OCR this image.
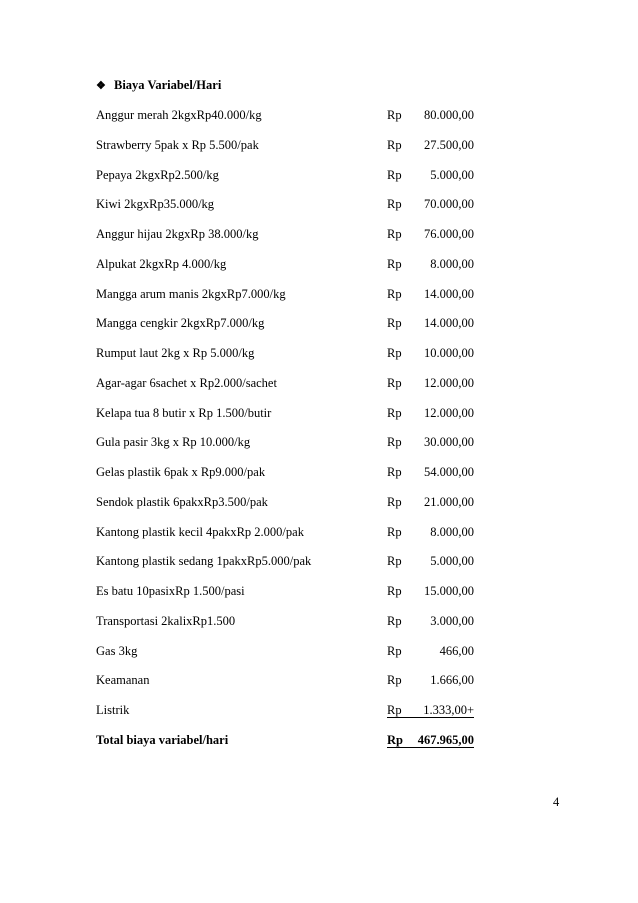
❖ Biaya Variabel/Hari
Anggur merah 2kgxRp40.000/kg	Rp 80.000,00
Strawberry 5pak x Rp 5.500/pak	Rp 27.500,00
Pepaya 2kgxRp2.500/kg	Rp 5.000,00
Kiwi 2kgxRp35.000/kg	Rp 70.000,00
Anggur hijau 2kgxRp 38.000/kg	Rp 76.000,00
Alpukat 2kgxRp 4.000/kg	Rp 8.000,00
Mangga arum manis 2kgxRp7.000/kg	Rp 14.000,00
Mangga cengkir 2kgxRp7.000/kg	Rp 14.000,00
Rumput laut 2kg x Rp 5.000/kg	Rp 10.000,00
Agar-agar 6sachet x Rp2.000/sachet	Rp 12.000,00
Kelapa tua 8 butir x Rp 1.500/butir	Rp 12.000,00
Gula pasir 3kg x Rp 10.000/kg	Rp 30.000,00
Gelas plastik 6pak x Rp9.000/pak	Rp 54.000,00
Sendok plastik 6pakxRp3.500/pak	Rp 21.000,00
Kantong plastik kecil 4pakxRp 2.000/pak	Rp 8.000,00
Kantong plastik sedang 1pakxRp5.000/pak	Rp 5.000,00
Es batu 10pasixRp 1.500/pasi	Rp 15.000,00
Transportasi 2kalixRp1.500	Rp 3.000,00
Gas 3kg	Rp	466,00
Keamanan	Rp 1.666,00
Listrik	Rp 1.333,00+
Total biaya variabel/hari	Rp 467.965,00
4
